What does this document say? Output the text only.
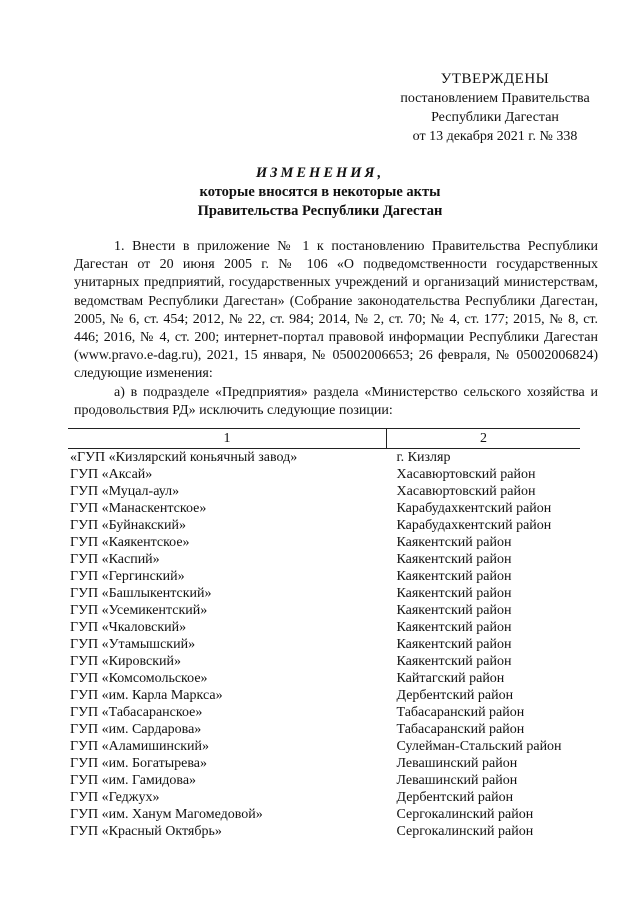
УТВЕРЖДЕНЫ
постановлением Правительства
Республики Дагестан
от 13 декабря 2021 г. № 338
ИЗМЕНЕНИЯ,
которые вносятся в некоторые акты
Правительства Республики Дагестан

1. Внести в приложение № 1 к постановлению Правительства Республики Дагестан от 20 июня 2005 г. № 106 «О подведомственности государственных унитарных предприятий, государственных учреждений и организаций министерствам, ведомствам Республики Дагестан» (Собрание законодательства Республики Дагестан, 2005, № 6, ст. 454; 2012, № 22, ст. 984; 2014, № 2, ст. 70; № 4, ст. 177; 2015, № 8, ст. 446; 2016, № 4, ст. 200; интернет-портал правовой информации Республики Дагестан (www.pravo.e-dag.ru), 2021, 15 января, № 05002006653; 26 февраля, № 05002006824) следующие изменения:

а) в подразделе «Предприятия» раздела «Министерство сельского хозяйства и продовольствия РД» исключить следующие позиции:

1	2
«ГУП «Кизлярский коньячный завод»	г. Кизляр
ГУП «Аксай»	Хасавюртовский район
ГУП «Муцал-аул»	Хасавюртовский район
ГУП «Манаскентское»	Карабудахкентский район
ГУП «Буйнакский»	Карабудахкентский район
ГУП «Каякентское»	Каякентский район
ГУП «Каспий»	Каякентский район
ГУП «Гергинский»	Каякентский район
ГУП «Башлыкентский»	Каякентский район
ГУП «Усемикентский»	Каякентский район
ГУП «Чкаловский»	Каякентский район
ГУП «Утамышский»	Каякентский район
ГУП «Кировский»	Каякентский район
ГУП «Комсомольское»	Кайтагский район
ГУП «им. Карла Маркса»	Дербентский район
ГУП «Табасаранское»	Табасаранский район
ГУП «им. Сардарова»	Табасаранский район
ГУП «Аламишинский»	Сулейман-Стальский район
ГУП «им. Богатырева»	Левашинский район
ГУП «им. Гамидова»	Левашинский район
ГУП «Геджух»	Дербентский район
ГУП «им. Ханум Магомедовой»	Сергокалинский район
ГУП «Красный Октябрь»	Сергокалинский район
